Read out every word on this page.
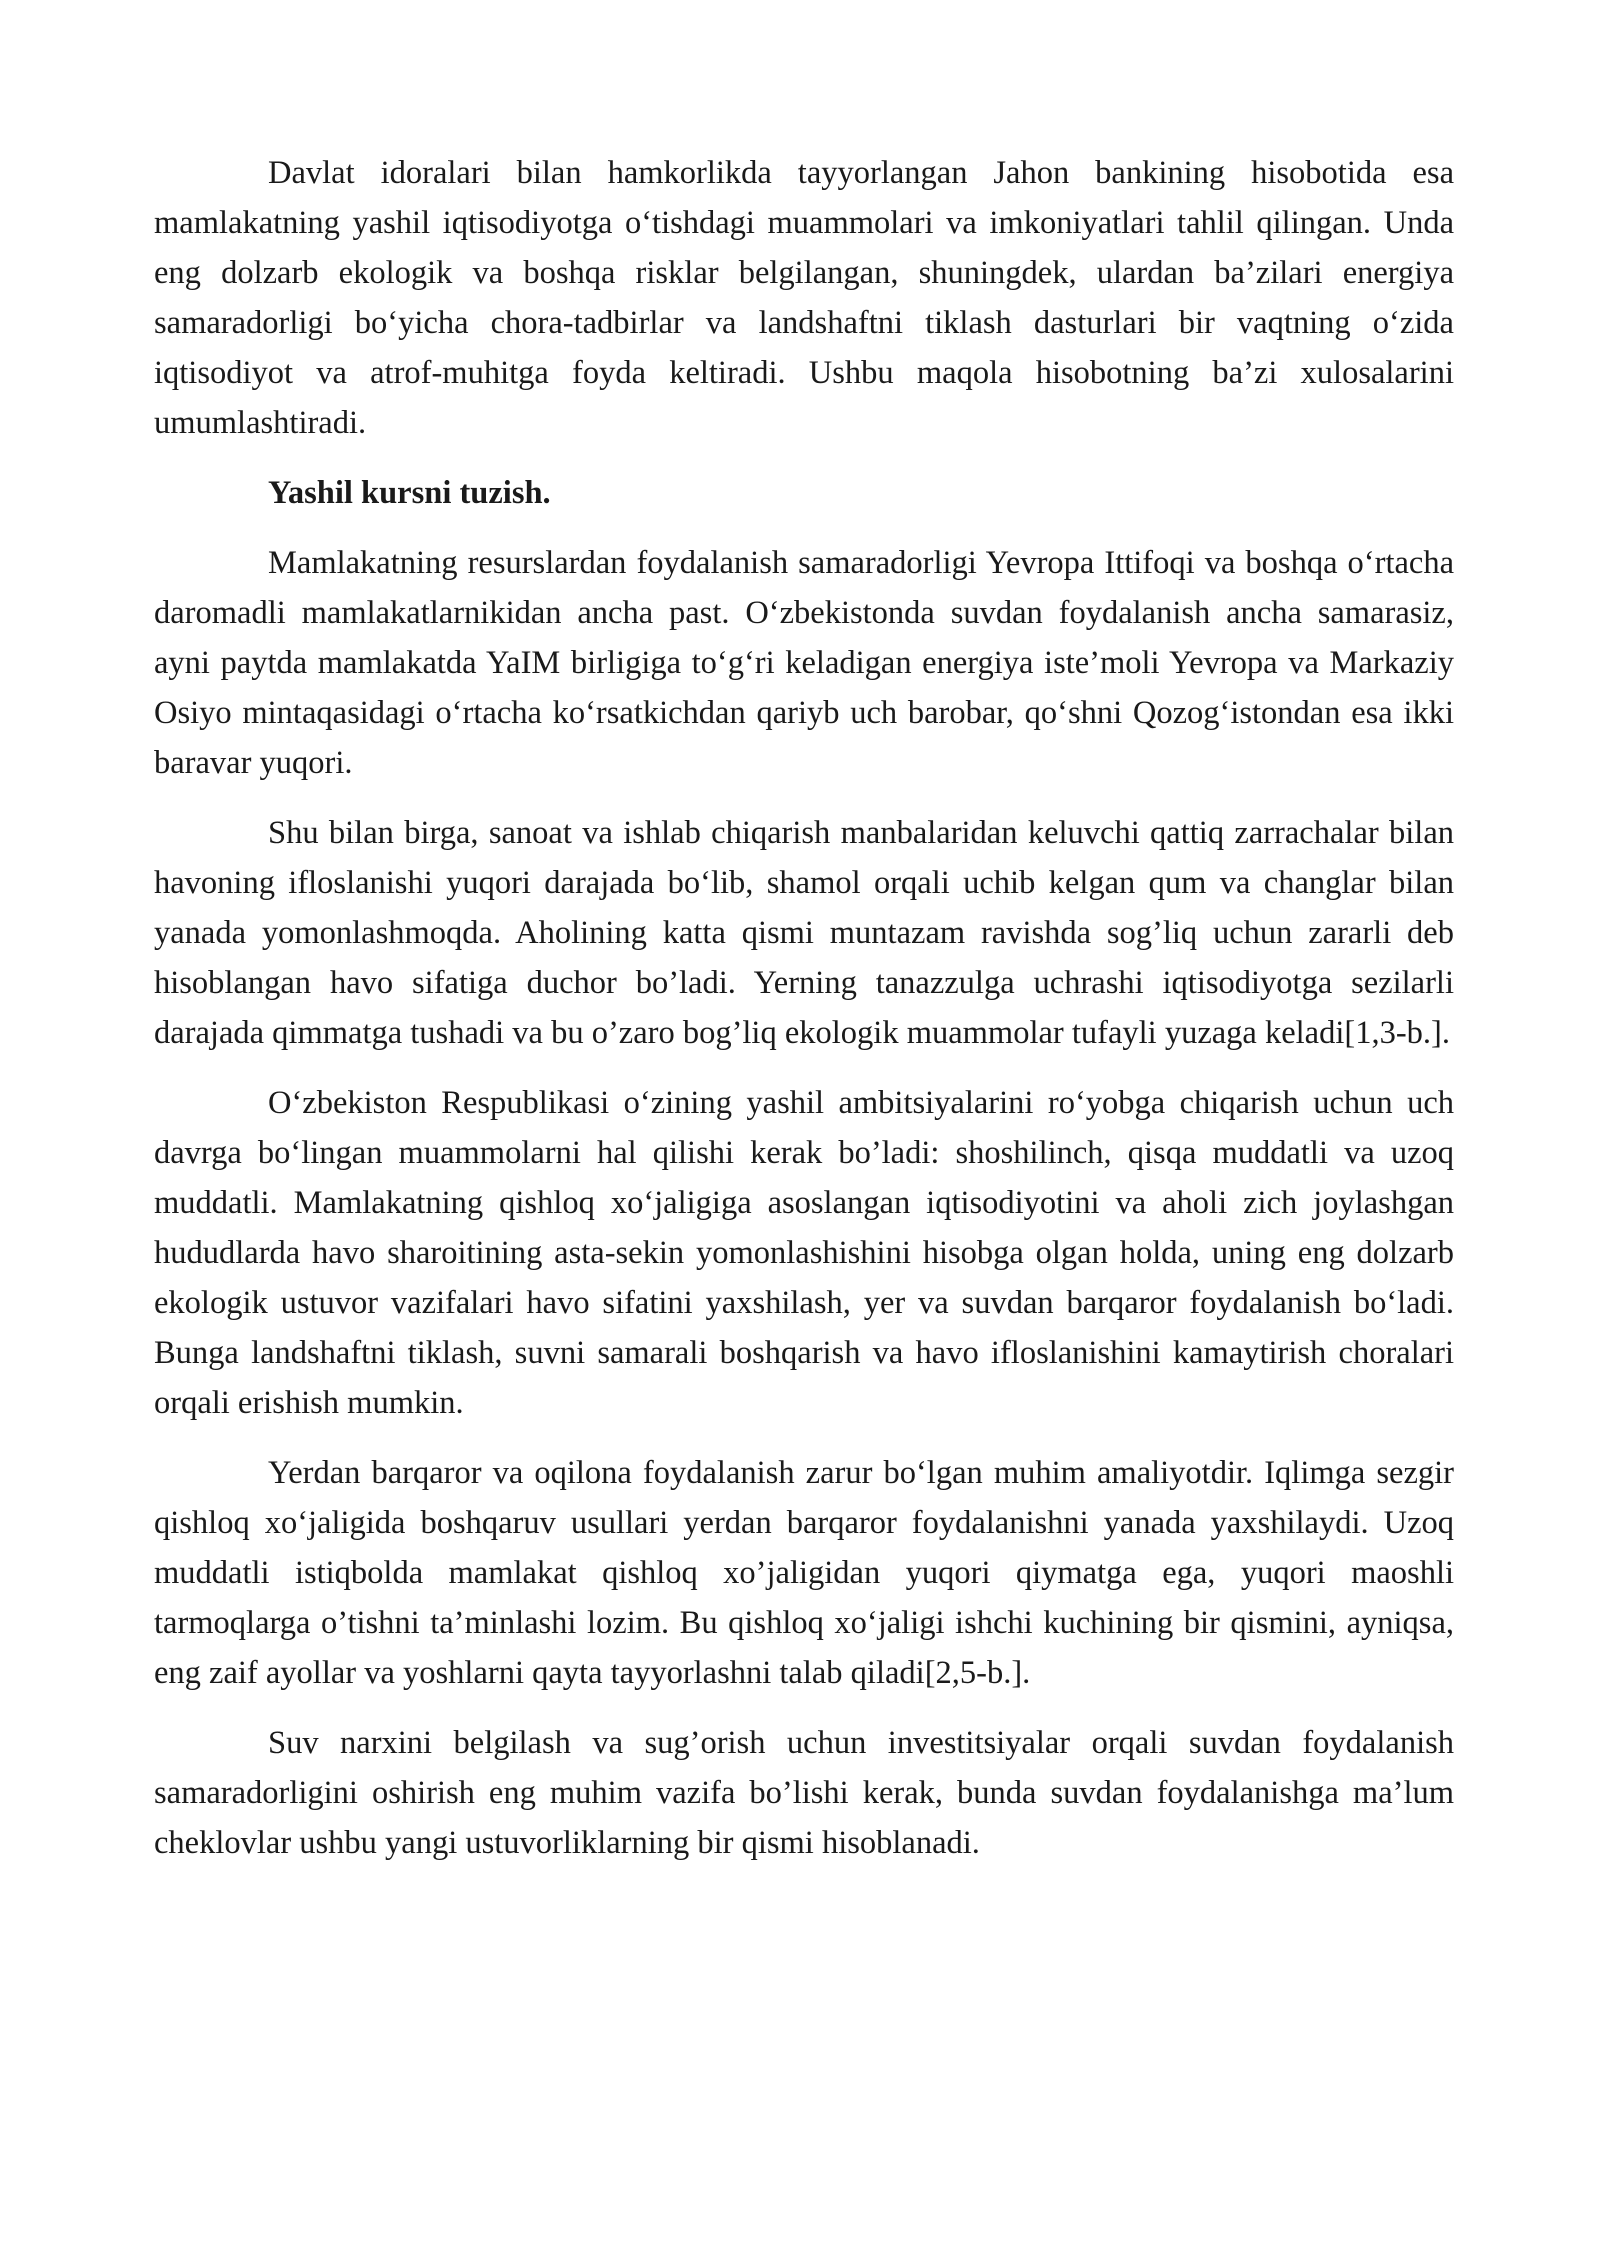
Davlat idoralari bilan hamkorlikda tayyorlangan Jahon bankining hisobotida esa mamlakatning yashil iqtisodiyotga o‘tishdagi muammolari va imkoniyatlari tahlil qilingan. Unda eng dolzarb ekologik va boshqa risklar belgilangan, shuningdek, ulardan ba’zilari energiya samaradorligi bo‘yicha chora-tadbirlar va landshaftni tiklash dasturlari bir vaqtning o‘zida iqtisodiyot va atrof-muhitga foyda keltiradi. Ushbu maqola hisobotning ba’zi xulosalarini umumlashtiradi.

Yashil kursni tuzish.

Mamlakatning resurslardan foydalanish samaradorligi Yevropa Ittifoqi va boshqa o‘rtacha daromadli mamlakatlarnikidan ancha past. O‘zbekistonda suvdan foydalanish ancha samarasiz, ayni paytda mamlakatda YaIM birligiga to‘g‘ri keladigan energiya iste’moli Yevropa va Markaziy Osiyo mintaqasidagi o‘rtacha ko‘rsatkichdan qariyb uch barobar, qo‘shni Qozog‘istondan esa ikki baravar yuqori.

Shu bilan birga, sanoat va ishlab chiqarish manbalaridan keluvchi qattiq zarrachalar bilan havoning ifloslanishi yuqori darajada bo‘lib, shamol orqali uchib kelgan qum va changlar bilan yanada yomonlashmoqda. Aholining katta qismi muntazam ravishda sog’liq uchun zararli deb hisoblangan havo sifatiga duchor bo’ladi. Yerning tanazzulga uchrashi iqtisodiyotga sezilarli darajada qimmatga tushadi va bu o’zaro bog’liq ekologik muammolar tufayli yuzaga keladi[1,3-b.].

O‘zbekiston Respublikasi o‘zining yashil ambitsiyalarini ro‘yobga chiqarish uchun uch davrga bo‘lingan muammolarni hal qilishi kerak bo’ladi: shoshilinch, qisqa muddatli va uzoq muddatli. Mamlakatning qishloq xo‘jaligiga asoslangan iqtisodiyotini va aholi zich joylashgan hududlarda havo sharoitining asta-sekin yomonlashishini hisobga olgan holda, uning eng dolzarb ekologik ustuvor vazifalari havo sifatini yaxshilash, yer va suvdan barqaror foydalanish bo‘ladi. Bunga landshaftni tiklash, suvni samarali boshqarish va havo ifloslanishini kamaytirish choralari orqali erishish mumkin.

Yerdan barqaror va oqilona foydalanish zarur bo‘lgan muhim amaliyotdir. Iqlimga sezgir qishloq xo‘jaligida boshqaruv usullari yerdan barqaror foydalanishni yanada yaxshilaydi. Uzoq muddatli istiqbolda mamlakat qishloq xo’jaligidan yuqori qiymatga ega, yuqori maoshli tarmoqlarga o’tishni ta’minlashi lozim. Bu qishloq xo‘jaligi ishchi kuchining bir qismini, ayniqsa, eng zaif ayollar va yoshlarni qayta tayyorlashni talab qiladi[2,5-b.].

Suv narxini belgilash va sug’orish uchun investitsiyalar orqali suvdan foydalanish samaradorligini oshirish eng muhim vazifa bo’lishi kerak, bunda suvdan foydalanishga ma’lum cheklovlar ushbu yangi ustuvorliklarning bir qismi hisoblanadi.
